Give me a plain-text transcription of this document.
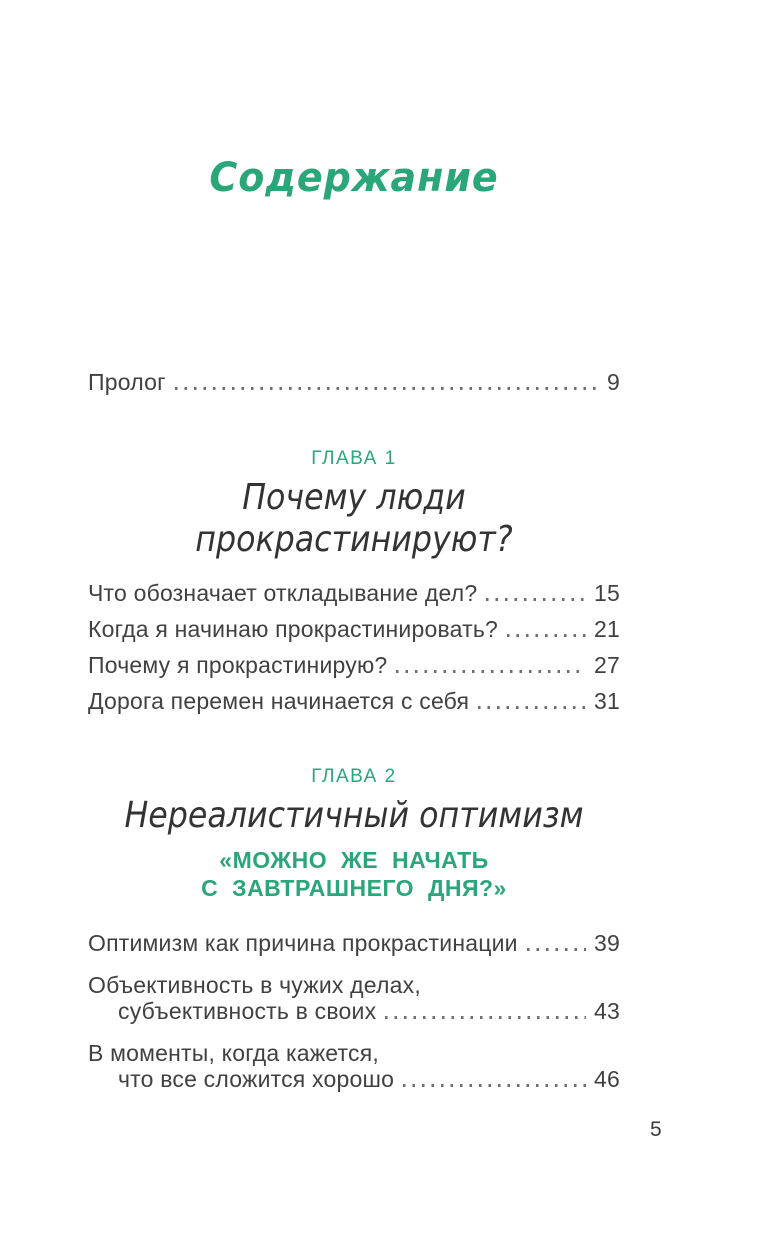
Содержание
Пролог	9
ГЛАВА 1
Почему люди
прокрастинируют?
Что обозначает откладывание дел?	15
Когда я начинаю прокрастинировать?	21
Почему я прокрастинирую?	27
Дорога перемен начинается с себя	31
ГЛАВА 2
Нереалистичный оптимизм
«МОЖНО ЖЕ НАЧАТЬ
С ЗАВТРАШНЕГО ДНЯ?»
Оптимизм как причина прокрастинации	39
Объективность в чужих делах,
субъективность в своих	43
В моменты, когда кажется,
что все сложится хорошо	46
5
